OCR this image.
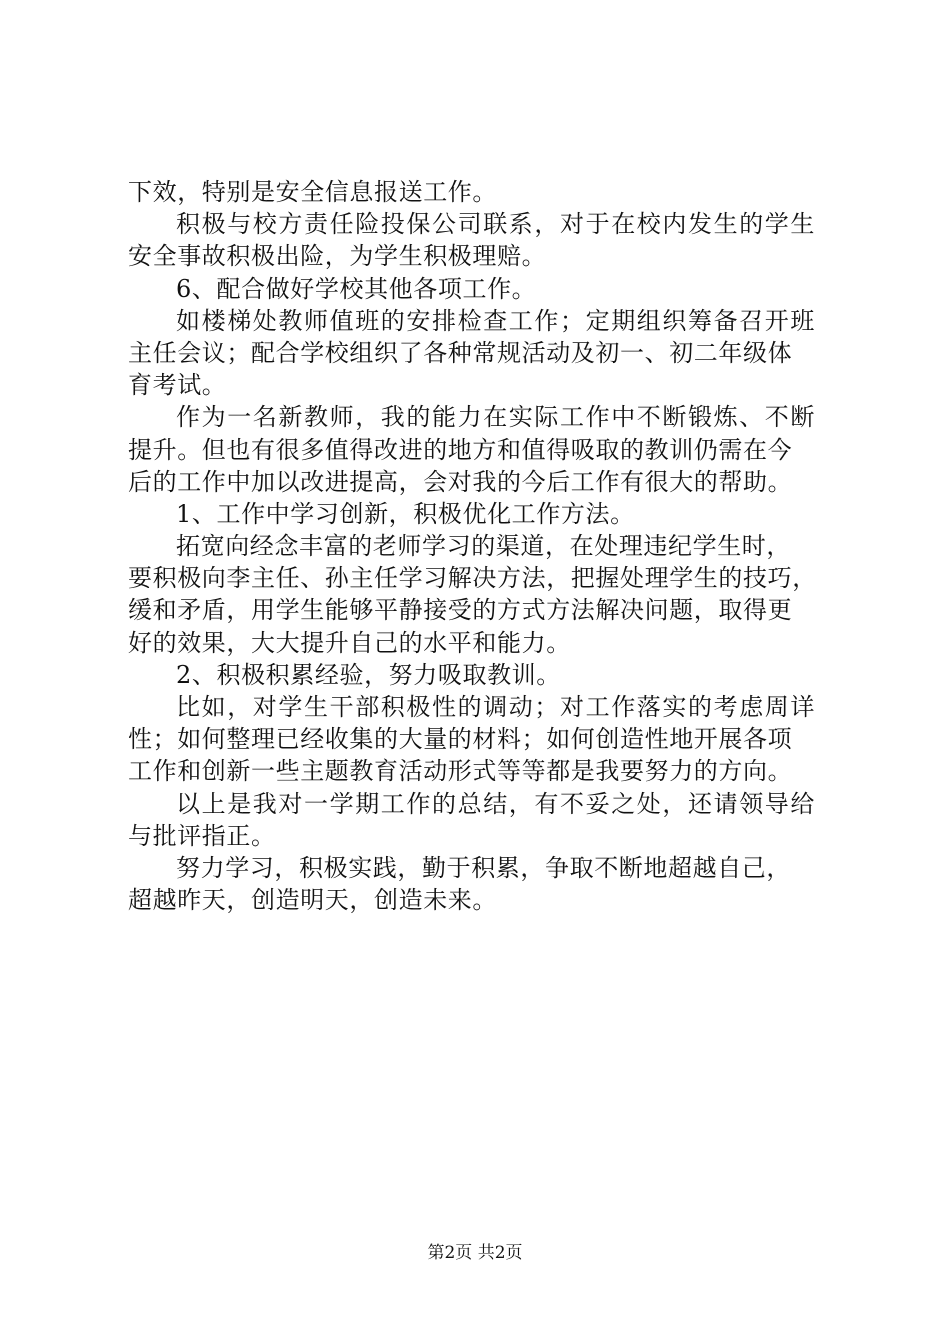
下效，特别是安全信息报送工作。
积极与校方责任险投保公司联系，对于在校内发生的学生
安全事故积极出险，为学生积极理赔。
6、配合做好学校其他各项工作。
如楼梯处教师值班的安排检查工作；定期组织筹备召开班
主任会议；配合学校组织了各种常规活动及初一、初二年级体
育考试。
作为一名新教师，我的能力在实际工作中不断锻炼、不断
提升。但也有很多值得改进的地方和值得吸取的教训仍需在今
后的工作中加以改进提高，会对我的今后工作有很大的帮助。
1、工作中学习创新，积极优化工作方法。
拓宽向经念丰富的老师学习的渠道，在处理违纪学生时，
要积极向李主任、孙主任学习解决方法，把握处理学生的技巧，
缓和矛盾，用学生能够平静接受的方式方法解决问题，取得更
好的效果，大大提升自己的水平和能力。
2、积极积累经验，努力吸取教训。
比如，对学生干部积极性的调动；对工作落实的考虑周详
性；如何整理已经收集的大量的材料；如何创造性地开展各项
工作和创新一些主题教育活动形式等等都是我要努力的方向。
以上是我对一学期工作的总结，有不妥之处，还请领导给
与批评指正。
努力学习，积极实践，勤于积累，争取不断地超越自己，
超越昨天，创造明天，创造未来。
第2页 共2页
